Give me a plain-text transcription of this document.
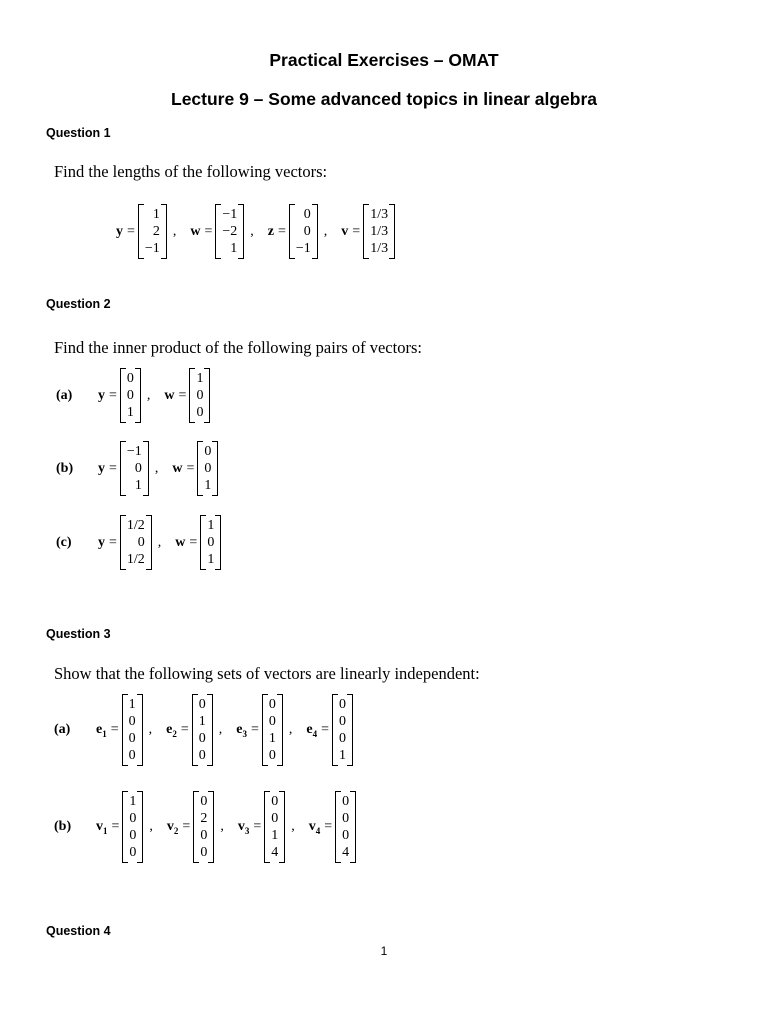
Practical Exercises – OMAT
Lecture 9 – Some advanced topics in linear algebra
Question 1
Find the lengths of the following vectors:
y =
1
2
−1
, w =
−1
−2
1
, z =
0
0
−1
, v =
1/3
1/3
1/3
Question 2
Find the inner product of the following pairs of vectors:
(a)	y =
0
0
1
, w =
1
0
0
(b)	y =
−1
0
1
, w =
0
0
1
(c)	y =
1/2
0
1/2
, w =
1
0
1
Question 3
Show that the following sets of vectors are linearly independent:
(a)	$e_1$ =
1
0
0
0
, $e_2$ =
0
1
0
0
, $e_3$ =
0
0
1
0
, $e_4$ =
0
0
0
1
(b)	$v_1$ =
1
0
0
0
, $v_2$ =
0
2
0
0
, $v_3$ =
0
0
1
4
, $v_4$ =
0
0
0
4
Question 4
1
